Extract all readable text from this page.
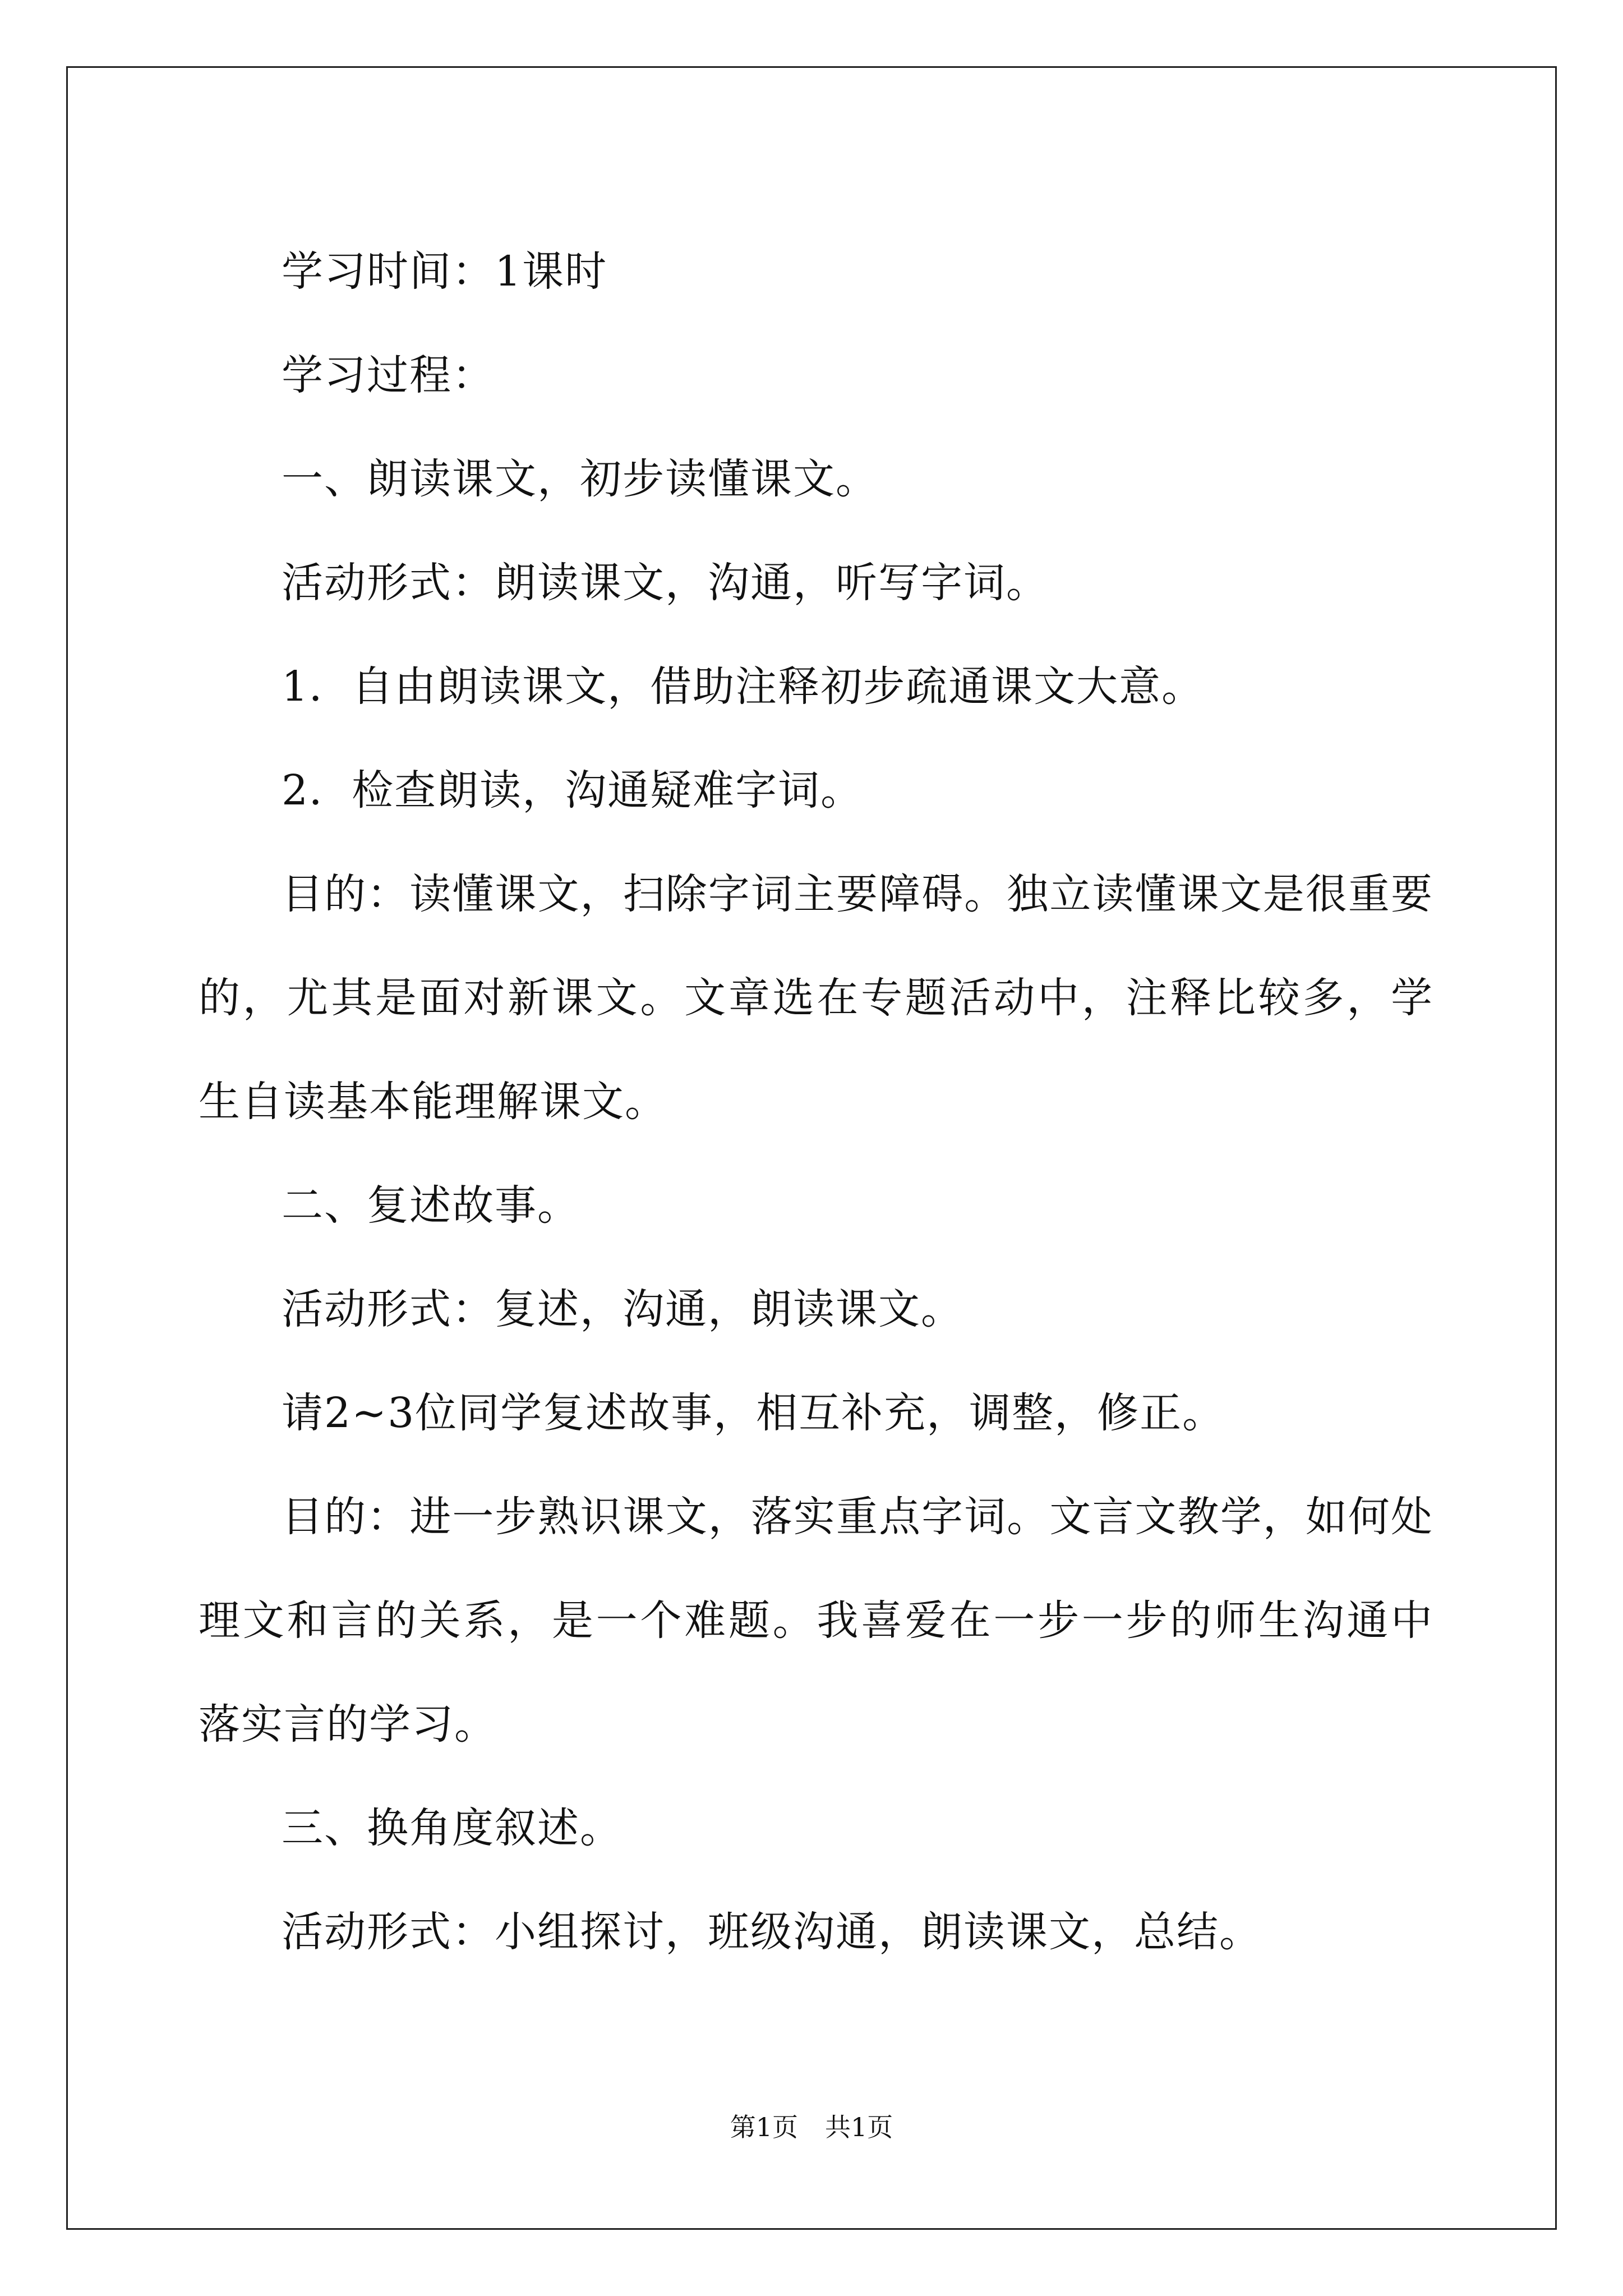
学习时间：1课时

学习过程：

一、朗读课文，初步读懂课文。

活动形式：朗读课文，沟通，听写字词。

1．自由朗读课文，借助注释初步疏通课文大意。

2．检查朗读，沟通疑难字词。

目的：读懂课文，扫除字词主要障碍。独立读懂课文是很重要的，尤其是面对新课文。文章选在专题活动中，注释比较多，学生自读基本能理解课文。

二、复述故事。

活动形式：复述，沟通，朗读课文。

请2~3位同学复述故事，相互补充，调整，修正。

目的：进一步熟识课文，落实重点字词。文言文教学，如何处理文和言的关系，是一个难题。我喜爱在一步一步的师生沟通中落实言的学习。

三、换角度叙述。

活动形式：小组探讨，班级沟通，朗读课文，总结。

第1页 共1页
